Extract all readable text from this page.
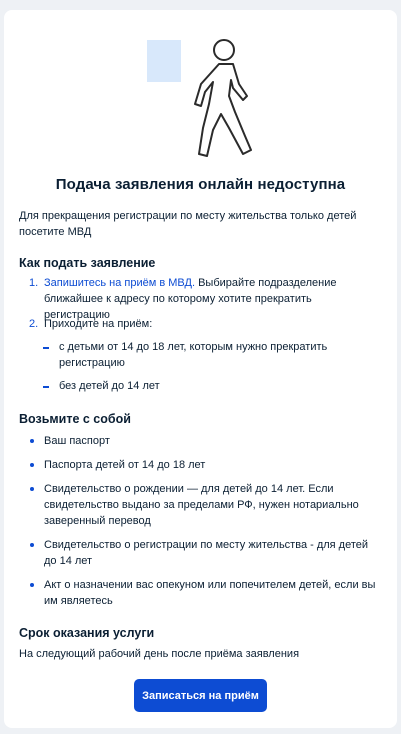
Подача заявления онлайн недоступна
Для прекращения регистрации по месту жительства только детей посетите МВД
Как подать заявление
1. Запишитесь на приём в МВД. Выбирайте подразделение ближайшее к адресу по которому хотите прекратить регистрацию
2. Приходите на приём:
с детьми от 14 до 18 лет, которым нужно прекратить регистрацию
без детей до 14 лет
Возьмите с собой
Ваш паспорт
Паспорта детей от 14 до 18 лет
Свидетельство о рождении — для детей до 14 лет. Если свидетельство выдано за пределами РФ, нужен нотариально заверенный перевод
Свидетельство о регистрации по месту жительства - для детей до 14 лет
Акт о назначении вас опекуном или попечителем детей, если вы им являетесь
Срок оказания услуги
На следующий рабочий день после приёма заявления
Записаться на приём
